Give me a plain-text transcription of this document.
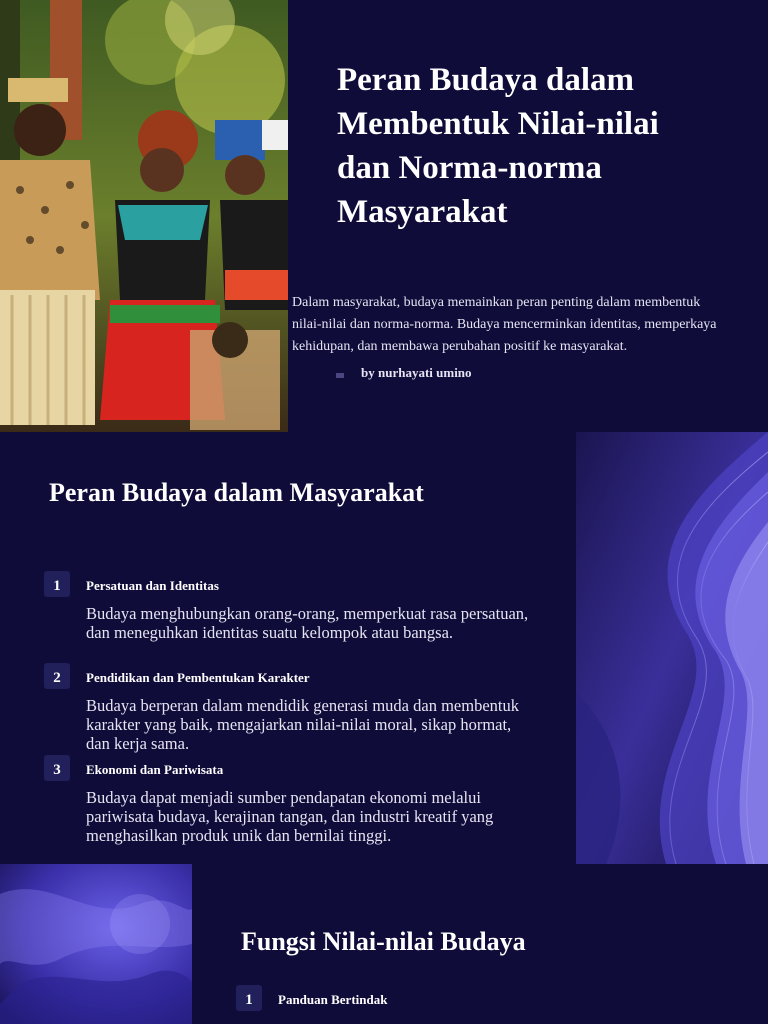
Peran Budaya dalam
Membentuk Nilai-nilai
dan Norma-norma
Masyarakat

Dalam masyarakat, budaya memainkan peran penting dalam membentuk
nilai-nilai dan norma-norma. Budaya mencerminkan identitas, memperkaya
kehidupan, dan membawa perubahan positif ke masyarakat.

by nurhayati umino
Peran Budaya dalam Masyarakat
1	Persatuan dan Identitas

Budaya menghubungkan orang-orang, memperkuat rasa persatuan, dan meneguhkan identitas suatu kelompok atau bangsa.

2	Pendidikan dan Pembentukan Karakter

Budaya berperan dalam mendidik generasi muda dan membentuk karakter yang baik, mengajarkan nilai-nilai moral, sikap hormat, dan kerja sama.

3	Ekonomi dan Pariwisata

Budaya dapat menjadi sumber pendapatan ekonomi melalui pariwisata budaya, kerajinan tangan, dan industri kreatif yang menghasilkan produk unik dan bernilai tinggi.

Fungsi Nilai-nilai Budaya
1	Panduan Bertindak
